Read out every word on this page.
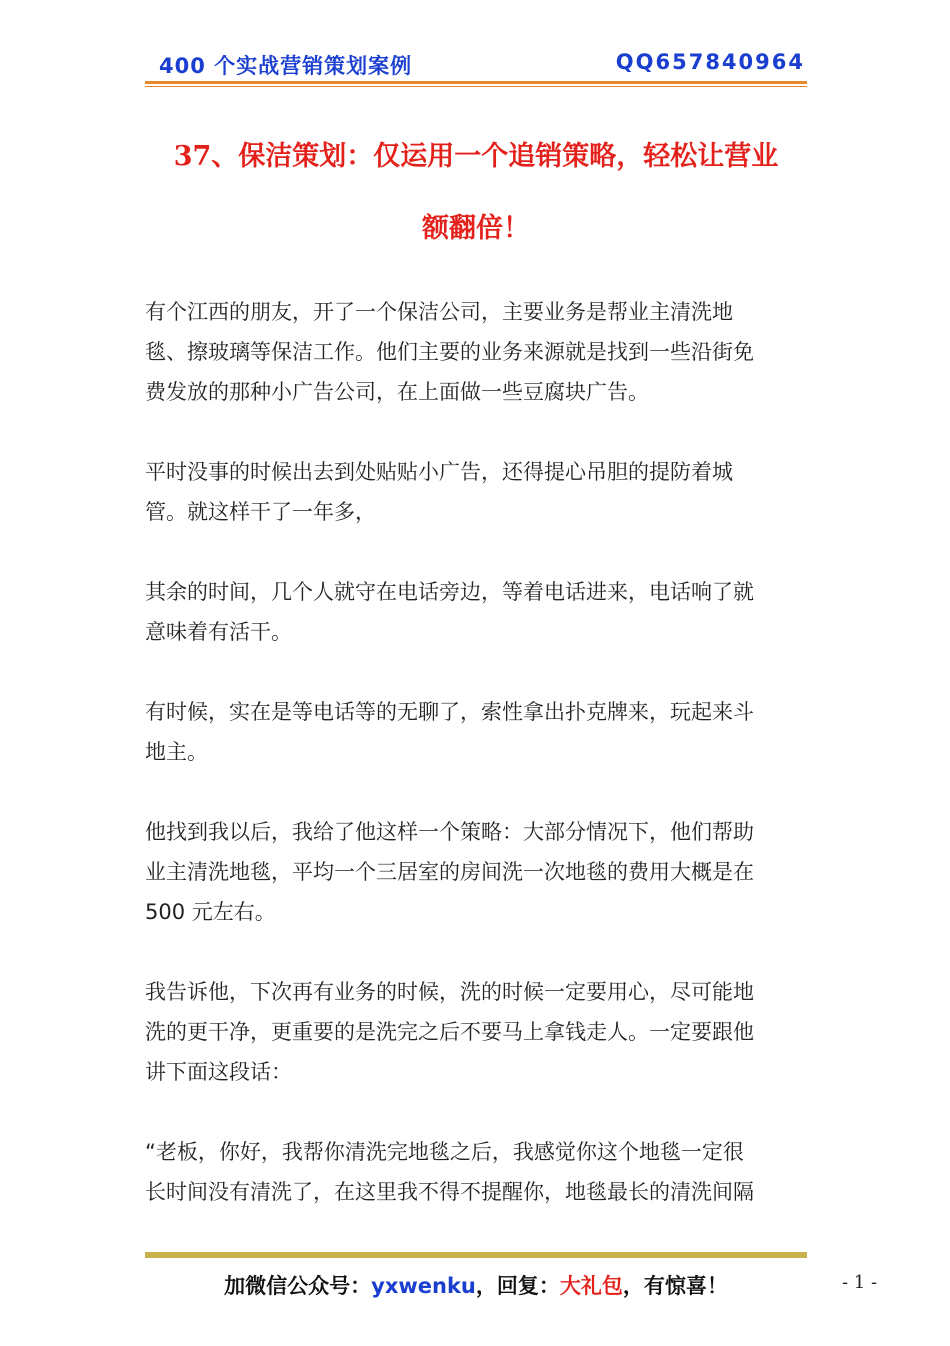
400 个实战营销策划案例	QQ657840964
37、保洁策划：仅运用一个追销策略，轻松让营业
额翻倍！

有个江西的朋友，开了一个保洁公司，主要业务是帮业主清洗地
毯、擦玻璃等保洁工作。他们主要的业务来源就是找到一些沿街免
费发放的那种小广告公司，在上面做一些豆腐块广告。

平时没事的时候出去到处贴贴小广告，还得提心吊胆的提防着城
管。就这样干了一年多，

其余的时间，几个人就守在电话旁边，等着电话进来，电话响了就
意味着有活干。

有时候，实在是等电话等的无聊了，索性拿出扑克牌来，玩起来斗
地主。

他找到我以后，我给了他这样一个策略：大部分情况下，他们帮助
业主清洗地毯，平均一个三居室的房间洗一次地毯的费用大概是在
500 元左右。

我告诉他，下次再有业务的时候，洗的时候一定要用心，尽可能地
洗的更干净，更重要的是洗完之后不要马上拿钱走人。一定要跟他
讲下面这段话：

“老板，你好，我帮你清洗完地毯之后，我感觉你这个地毯一定很
长时间没有清洗了，在这里我不得不提醒你，地毯最长的清洗间隔

加微信公众号：yxwenku，回复：大礼包，有惊喜！	- 1 -
